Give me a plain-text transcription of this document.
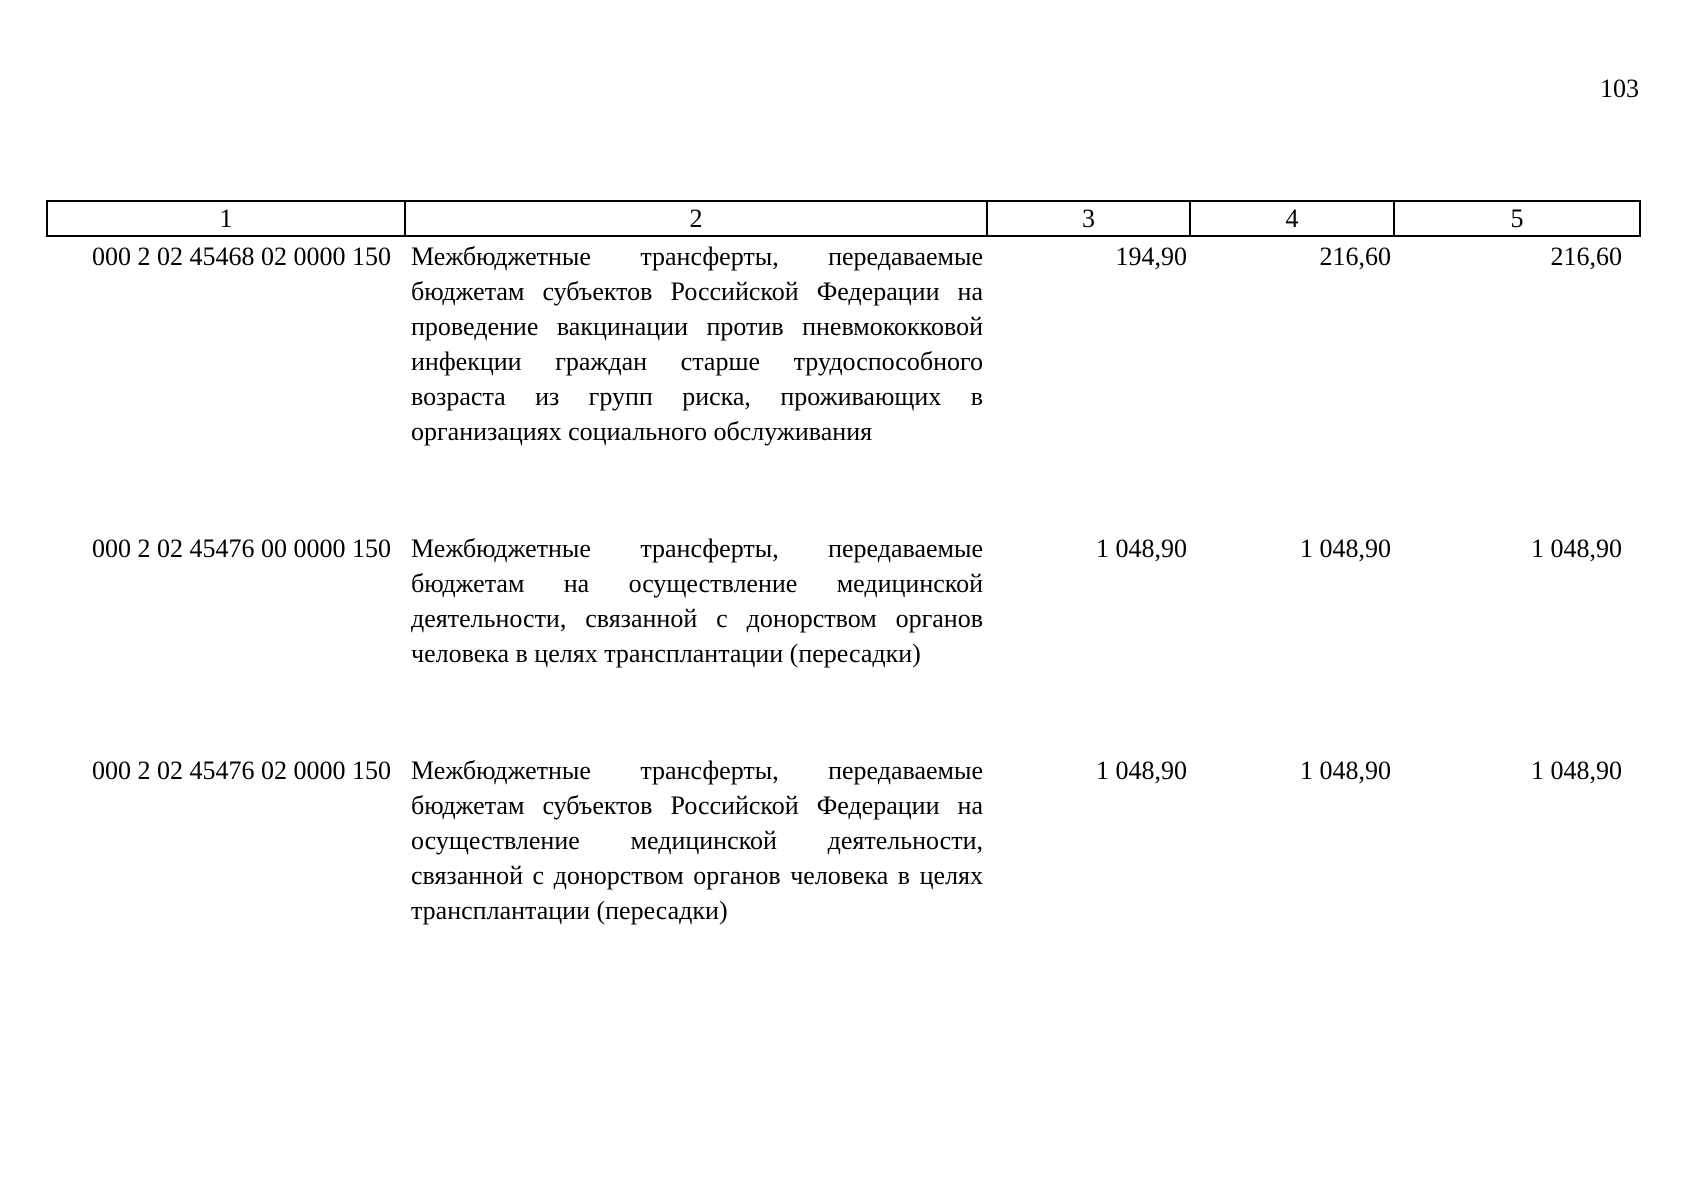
103
1	2	3	4	5
000 2 02 45468 02 0000 150	Межбюджетные трансферты, передаваемые бюджетам субъектов Российской Федерации на проведение вакцинации против пневмококковой инфекции граждан старше трудоспособного возраста из групп риска, проживающих в организациях социального обслуживания	194,90	216,60	216,60
000 2 02 45476 00 0000 150	Межбюджетные трансферты, передаваемые бюджетам на осуществление медицинской деятельности, связанной с донорством органов человека в целях трансплантации (пересадки)	1 048,90	1 048,90	1 048,90
000 2 02 45476 02 0000 150	Межбюджетные трансферты, передаваемые бюджетам субъектов Российской Федерации на осуществление медицинской деятельности, связанной с донорством органов человека в целях трансплантации (пересадки)	1 048,90	1 048,90	1 048,90
